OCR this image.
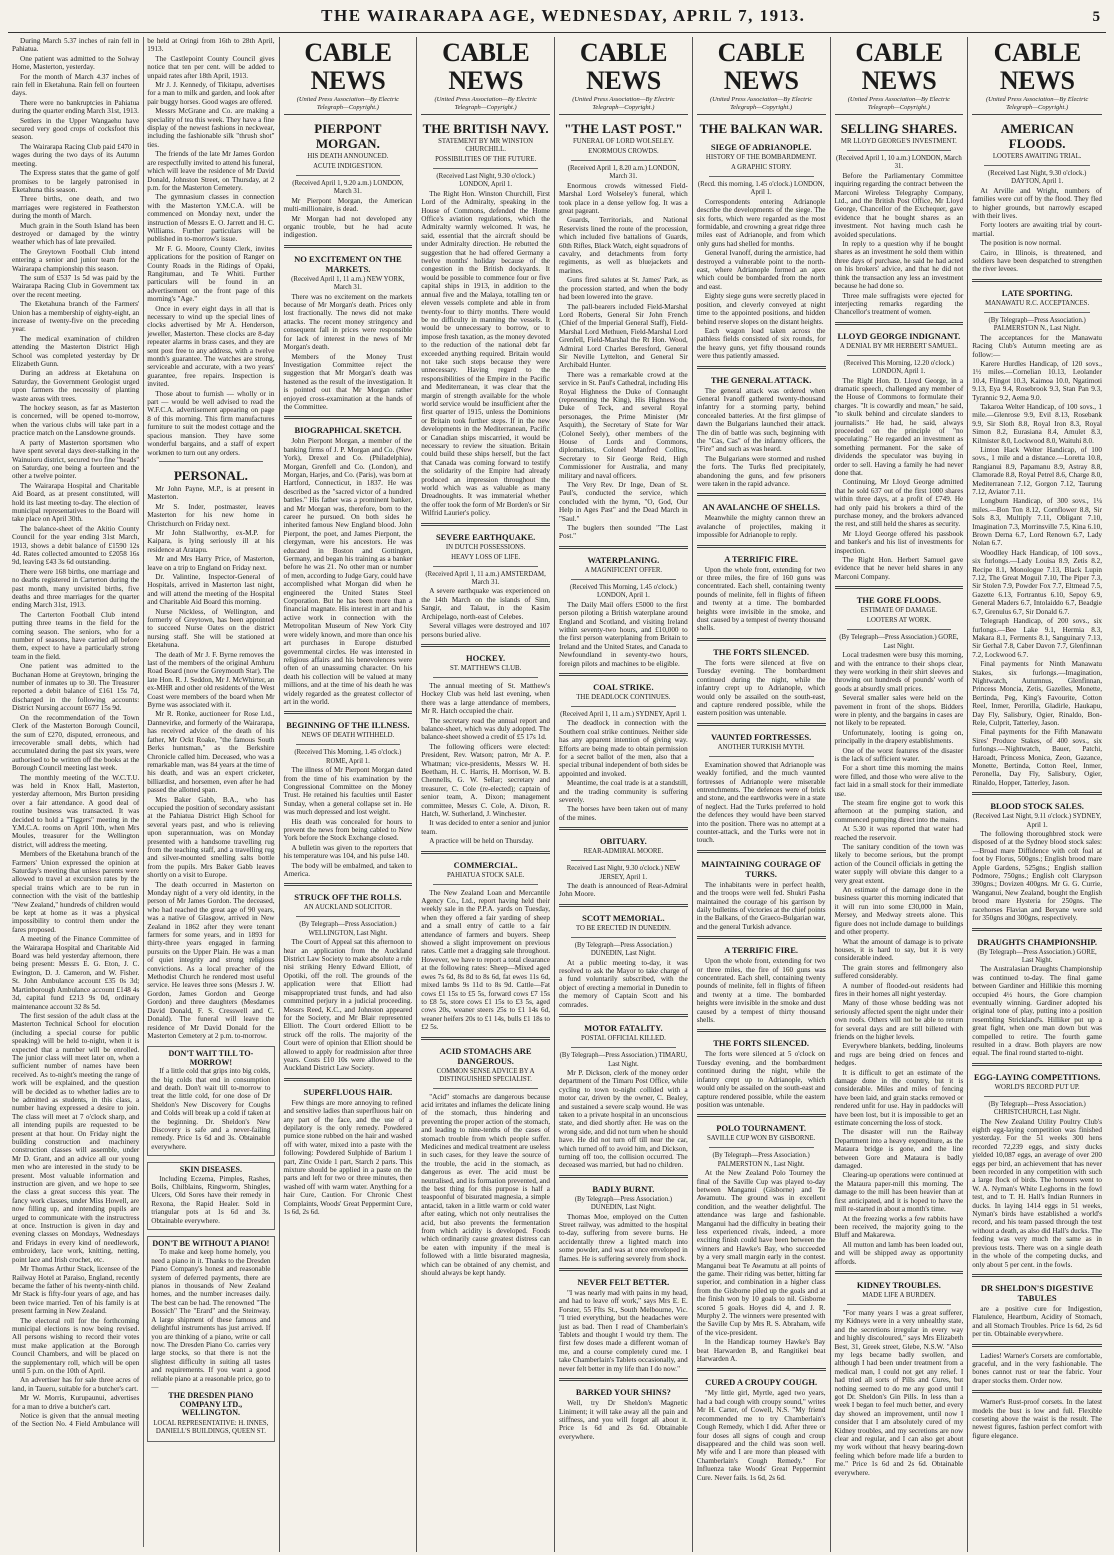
THE WAIRARAPA AGE, WEDNESDAY, APRIL 7, 1913.	5

During March 5.37 inches of rain fell in Pahiatua.

One patient was admitted to the Solway Home, Masterton, yesterday.

For the month of March 4.37 inches of rain fell in Eketahuna. Rain fell on fourteen days.

There were no bankruptcies in Pahiatua during the quarter ending March 31st, 1913.

Settlers in the Upper Wangaehu have secured very good crops of cocksfoot this season.

The Wairarapa Racing Club paid £470 in wages during the two days of its Autumn meeting.

The Express states that the game of golf promises to be largely patronised in Eketahuna this season.

Three births, one death, and two marriages were registered in Featherston during the month of March.

Much grain in the South Island has been destroyed or damaged by the wintry weather which has of late prevailed.

The Greytown Football Club intend entering a senior and junior team for the Wairarapa championship this season.

The sum of £537 1s 5d was paid by the Wairarapa Racing Club in Government tax over the recent meeting.

The Eketahuna branch of the Farmers' Union has a membership of eighty-eight, an increase of twenty-five on the preceding year.

The medical examination of children attending the Masterton District High School was completed yesterday by Dr Elizabeth Gunn.

During an address at Eketahuna on Saturday, the Government Geologist urged upon farmers the necessity of planting waste areas with trees.

The hockey season, as far as Masterton is concerned, will be opened to-morrow, when the various clubs will take part in a practice match on the Lansdowne grounds.

A party of Masterton sportsmen who have spent several days deer-stalking in the Wainuioru district, secured two fine "heads" on Saturday, one being a fourteen and the other a twelve pointer.

The Wairarapa Hospital and Charitable Aid Board, as at present constituted, will hold its last meeting to-day. The election of municipal representatives to the Board will take place on April 30th.

The balance-sheet of the Akitio County Council for the year ending 31st March, 1913, shows a debit balance of £1590 12s 4d. Rates collected amounted to £2058 16s 9d, leaving £43 3s 6d outstanding.

There were 168 births, one marriage and no deaths registered in Carterton during the past month, many unvisited births, five deaths and three marriages for the quarter ending March 31st, 1913.

The Carterton Football Club intend putting three teams in the field for the coming season. The seniors, who for a number of seasons, have carried all before them, expect to have a particularly strong team in the field.

One patient was admitted to the Buchanan Home at Greytown, bringing the number of inmates up to 30. The Treasurer reported a debit balance of £161 15s 7d, discharged in the following accounts: District Nursing account £677 15s 9d.

On the recommendation of the Town Clerk of the Masterton Borough Council, the sum of £270, disputed, erroneous, and irrecoverable small debts, which had accumulated during the past six years, were authorised to be written off the books at the Borough Council meeting last week.

The monthly meeting of the W.C.T.U. was held in Knox Hall, Masterton, yesterday afternoon, Mrs Burton presiding over a fair attendance. A good deal of routine business was transacted. It was decided to hold a "Tiggers" meeting in the Y.M.C.A. rooms on April 10th, when Mrs Moules, treasurer for the Wellington district, will address the meeting.

Members of the Eketahuna branch of the Farmers' Union expressed the opinion at Saturday's meeting that unless parents were allowed to travel at excursion rates by the special trains which are to be run in connection with the visit of the battleship "New Zealand," hundreds of children would be kept at home as it was a physical impossibility to control them under the fares proposed.

A meeting of the Finance Committee of the Wairarapa Hospital and Charitable Aid Board was held yesterday afternoon, there being present: Messrs E. G. Eton, J. C. Ewington, D. J. Cameron, and W. Fisher. St. John Ambulance account £35 0s 3d; Martinborough Ambulance account £148 4s 3d, capital fund £213 9s 0d, ordinary maintenance account 32 8s 5d.

The first session of the adult class at the Masterton Technical School for elocution (including a special course for public speaking) will be held to-night, when it is expected that a number will be enrolled. The junior class will meet later on, when a sufficient number of names have been received. As to-night's meeting the range of work will be explained, and the question will be decided as to whether ladies are to be admitted as students, in this class, a number having expressed a desire to join. The class will meet at 7 o'clock sharp, and all intending pupils are requested to be present at that hour. On Friday night the building construction and machinery construction classes will assemble, under Mr D. Grant, and an advice all our young men who are interested in the study to be present. Most valuable information and instruction are given, and we hope to see the class a great success this year. The fancy work classes, under Miss Howell, are now filling up, and intending pupils are urged to communicate with the instructress at once. Instruction is given in day and evening classes on Mondays, Wednesdays and Fridays in every kind of needlework, embroidery, lace work, knitting, netting, point lace and Irish crochet, etc.

Mr Thomas Arthur Stack, licensee of the Railway Hotel at Paraiso, England, recently became the father of his twenty-ninth child. Mr Stack is fifty-four years of age, and has been twice married. Ten of his family is at present farming in New Zealand.

The electoral roll for the forthcoming municipal elections is now being revised. All persons wishing to record their votes must make application at the Borough Council Chambers, and will be placed on the supplementary roll, which will be open until 5 p.m. on the 10th of April.

An advertiser has for sale three acres of land, in Taueru, suitable for a butcher's cart.

Mr W. Morris, Kurupaunui, advertises for a man to drive a butcher's cart.

Notice is given that the annual meeting of the Section No. 4 Field Ambulance will be held at Oringi from 16th to 28th April, 1913.

The Castlepoint County Council gives notice that ten per cent. will be added to unpaid rates after 18th April, 1913.

Mr J. J. Kennedy, of Tikitapu, advertises for a man to milk and garden, and look after pair buggy horses. Good wages are offered.

Messrs McGrane and Co. are making a speciality of tea this week. They have a fine display of the newest fashions in neckwear, including the fashionable silk "thrush shot" ties.

The friends of the late Mr James Gordon are respectfully invited to attend his funeral, which will leave the residence of Mr David Donald, Johnston Street, on Thursday, at 2 p.m. for the Masterton Cemetery.

The gymnasium classes in connection with the Masterton Y.M.C.A. will be commenced on Monday next, under the instruction of Messrs E. O. Jarrett and H. C. Williams. Further particulars will be published in to-morrow's issue.

Mr F. G. Moore, County Clerk, invites applications for the position of Ranger on County Roads in the Ridings of Opaki, Rangitumau, and Te Whiti. Further particulars will be found in an advertisement on the front page of this morning's "Age."

Once in every eight days in all that is necessary to wind up the special lines of clocks advertised by Mr A. Henderson, jeweller, Masterton. These clocks are 8-day repeater alarms in brass cases, and they are sent post free to any address, with a twelve month's guarantee. The watches are strong, serviceable and accurate, with a two years' guarantee, free repairs. Inspection is invited.

Those about to furnish — wholly or in part — would be well advised to read the W.F.C.A. advertisement appearing on page 8 of this morning. This firm manufactures furniture to suit the modest cottage and the spacious mansion. They have some wonderful bargains, and a staff of expert workmen to turn out any orders.

PERSONAL.

Mr John Payne, M.P., is at present in Masterton.

Mr S. Inder, postmaster, leaves Masterton for his new home in Christchurch on Friday next.

Mr John Stallworthy, ex-M.P. for Kaipara, is lying seriously ill at his residence at Aratapu.

Mr and Mrs Harry Price, of Masterton, leave on a trip to England on Friday next.

Dr. Valintine, Inspector-General of Hospitals, arrived in Masterton last night, and will attend the meeting of the Hospital and Charitable Aid Board this morning.

Nurse Nickless, of Wellington, and formerly of Greytown, has been appointed to succeed Nurse Oates on the district nursing staff. She will be stationed at Eketahuna.

The death of Mr J. F. Byrne removes the last of the members of the original Amhuru Road Board (now the Greymouth Star). The late Hon. R. J. Seddon, Mr J. McWhirter, an ex-MHR and other old residents of the West Coast were members of the board when Mr Byrne was associated with it.

Mr R. Ronke, auctioneer for Rose Ltd., Dannevirke, and formerly of the Wairarapa, has received advice of the death of his father, Mr Ockt Roake, "the famous South Berks huntsman," as the Berkshire Chronicle called him. Deceased, who was a remarkable man, was 84 years at the time of his death, and was an expert cricketer, billiardist, and horsemen, even after he had passed the allotted span.

Mrs Baker Gabb, B.A., who has occupied the position of secondary assistant at the Pahiatua District High School for several years past, and who is relieving upon superannuation, was on Monday presented with a handsome travelling rug from the teaching staff, and a travelling rug and silver-mounted smelling salts bottle from the pupils. Mrs Baker Gabb leaves shortly on a visit to Europe.

The death occurred in Masterton on Monday night of a very old identity, in the person of Mr James Gordon. The deceased, who had reached the great age of 90 years, was a native of Glasgow, arrived in New Zealand in 1862 after they were tenant farmers for some years, and in 1893 for thirty-three years engaged in farming pursuits on the Upper Plain. He was a man of quiet integrity and strong religious convictions. As a local preacher of the Methodist Church he rendered most useful service. He leaves three sons (Messrs J. W. Gordon, James Gordon and George Gordon) and three daughters (Mesdames David Donald, F. S. Cresswell and C. Donald). The funeral will leave the residence of Mr David Donald for the Masterton Cemetery at 2 p.m. to-morrow.

DON'T WAIT TILL TO-MORROW!

If a little cold that grips into big colds, the big colds that end in consumption and death. Don't wait till to-morrow to treat the little cold, for one dose of Dr Sheldon's New Discovery for Coughs and Colds will break up a cold if taken at the beginning. Dr. Sheldon's New Discovery is safe and a never-failing remedy. Price 1s 6d and 3s. Obtainable everywhere.

SKIN DISEASES.

Including Eczema, Pimples, Rashes, Boils, Chilblains, Ringworm, Shingles, Ulcers, Old Sores have their remedy in Rexona, the Rapid Healer. Sold in triangular pots at 1s 6d and 3s. Obtainable everywhere.

DON'T BE WITHOUT A PIANO!

To make and keep home homely, you need a piano in it. Thanks to the Dresden Piano Company's honest and reasonable system of deferred payments, there are pianos in thousands of New Zealand homes, and the number increases daily. The best can be had. The renowned "The Bossich" The "Erard" and the Steinway. A large shipment of these famous and delightful instruments has just arrived. If you are thinking of a piano, write or call now. The Dresden Piano Co. carries very large stocks, so that there is not the slightest difficulty in suiting all tastes and requirements. If you want a good reliable piano at a reasonable price, go to —

THE DRESDEN PIANO COMPANY LTD., WELLINGTON.
LOCAL REPRESENTATIVE: H. INNES, DANIELL'S BUILDINGS, QUEEN ST.
CABLE NEWS
(United Press Association—By Electric Telegraph—Copyright.)
PIERPONT MORGAN.
HIS DEATH ANNOUNCED.
ACUTE INDIGESTION.
(Received April 1, 9.20 a.m.) LONDON, March 31.

Mr Pierpont Morgan, the American multi-millionaire, is dead.

Mr Morgan had not developed any organic trouble, but he had acute indigestion.

NO EXCITEMENT ON THE MARKETS.
(Received April 1, 11 a.m.) NEW YORK, March 31.

There was no excitement on the markets because of Mr Morgan's death. Prices only lost fractionally. The news did not make attacks. The recent money stringency and consequent fall in prices were responsible for lack of interest in the news of Mr Morgan's death.

Members of the Money Trust Investigation Committee reject the suggestion that Mr Morgan's death was hastened as the result of the investigation. It is pointed out that Mr Morgan rather enjoyed cross-examination at the hands of the Committee.

BIOGRAPHICAL SKETCH.

John Pierpont Morgan, a member of the banking firms of J. P. Morgan and Co. (New York), Drexel and Co. (Philadelphia), Morgan, Grenfell and Co. (London), and Morgan, Harjes, and Co. (Paris), was born at Hartford, Connecticut, in 1837. He was described as the "sacred victor of a hundred battles." His father was a prominent banker, and Mr Morgan was, therefore, born to the career he pursued. On both sides he inherited famous New England blood. John Pierpont, the poet, and James Pierpont, the clergyman, were his ancestors. He was educated in Boston and Gottingen, Germany, and began his training as a banker before he was 21. No other man or number of men, according to Judge Gary, could have accomplished what Morgan did when he engineered the United States Steel Corporation. But he has been more than a financial magnate. His interest in art and his active work in connection with the Metropolitan Museum of New York City were widely known, and more than once his art purchases in Europe disturbed governmental circles. He was interested in religious affairs and his benevolences were often of an unassuming character. On his death his collection will be valued at many millions, and at the time of his death he was widely regarded as the greatest collector of art in the world.

BEGINNING OF THE ILLNESS.
NEWS OF DEATH WITHHELD.
(Received This Morning, 1.45 o'clock.) ROME, April 1.

The illness of Mr Pierpont Morgan dated from the time of his examination by the Congressional Committee on the Money Trust. He retained his faculties until Easter Sunday, when a general collapse set in. He was much depressed and lost weight.

His death was concealed for hours to prevent the news from being cabled to New York before the Stock Exchange closed.

A bulletin was given to the reporters that his temperature was 104, and his pulse 140.

The body will be embalmed, and taken to America.

STRUCK OFF THE ROLLS.
AN AUCKLAND SOLICITOR.
(By Telegraph—Press Association.) WELLINGTON, Last Night.

The Court of Appeal sat this afternoon to hear an application from the Auckland District Law Society to make absolute a rule nisi striking Henry Edward Elliott, of Opotiki, off the roll. The grounds of the application were that Elliott had misappropriated trust funds, and had also committed perjury in a judicial proceeding. Messrs Reed, K.C., and Johnston appeared for the Society, and Mr Blair represented Elliott. The Court ordered Elliott to be struck off the rolls. The majority of the Court were of opinion that Elliott should be allowed to apply for readmission after three years. Costs £10 10s were allowed to the Auckland District Law Society.

SUPERFLUOUS HAIR.

Few things are more annoying to refined and sensitive ladies than superfluous hair on any part of the face, and the use of a depilatory is the only remedy. Powdered pumice stone rubbed on the hair and washed off with water, mixed into a paste with the following: Powdered Sulphide of Barium 1 part, Zinc Oxide 1 part, Starch 2 parts. This mixture should be applied in a paste on the parts and left for two or three minutes, then washed off with warm water. Anything for a hair Cure, Caution. For Chronic Chest Complaints, Woods' Great Peppermint Cure, 1s 6d, 2s 6d.

CABLE NEWS
(United Press Association—By Electric Telegraph—Copyright.)
THE BRITISH NAVY.
STATEMENT BY MR WINSTON CHURCHILL.
POSSIBILITIES OF THE FUTURE.
(Received Last Night, 9.30 o'clock.) LONDON, April 1.

The Right Hon. Winston Churchill, First Lord of the Admiralty, speaking in the House of Commons, defended the Home Office's aviation regulations, which the Admiralty warmly welcomed. It was, he said, essential that the aircraft should be under Admiralty direction. He rebutted the suggestion that he had offered Germany a twelve months' holiday because of the congestion in the British dockyards. It would be possible to commence four or five capital ships in 1913, in addition to the annual five and the Malaya, totalling ten or eleven vessels complete and able in from twenty-four to thirty months. There would be no difficulty in manning the vessels. It would be unnecessary to borrow, or to impose fresh taxation, as the money devoted to the reduction of the national debt far exceeded anything required. Britain would not take such steps because they were unnecessary. Having regard to the responsibilities of the Empire in the Pacific and Mediterranean, it was clear that the margin of strength available for the whole world service would be insufficient after the first quarter of 1915, unless the Dominions or Britain took further steps. If in the new developments in the Mediterranean, Pacific or Canadian ships miscarried, it would be necessary to review the situation. Britain could build these ships herself, but the fact that Canada was coming forward to testify the solidarity of the Empire had already produced an impression throughout the world which was as valuable as many Dreadnoughts. It was immaterial whether the offer took the form of Mr Borden's or Sir Wilfrid Laurier's policy.

SEVERE EARTHQUAKE.
IN DUTCH POSSESSIONS.
HEAVY LOSS OF LIFE.
(Received April 1, 11 a.m.) AMSTERDAM, March 31.

A severe earthquake was experienced on the 14th March on the islands of Sinn, Sangir, and Talaut, in the Kasim Archipelago, north-east of Celebes.

Several villages were destroyed and 107 persons buried alive.

HOCKEY.
ST. MATTHEW'S CLUB.

The annual meeting of St. Matthew's Hockey Club was held last evening, when there was a large attendance of members, Mr R. Hatch occupied the chair.

The secretary read the annual report and balance-sheet, which was duly adopted. The balance-sheet showed a credit of £5 17s 1d.

The following officers were elected: President, Rev. Watson; patron, Mr A. P. Whatman; vice-presidents, Messrs W. H. Beetham, H. C. Harris, H. Morrison, W. B. Chennells, G. W. Sellar; secretary and treasurer, C. Cole (re-elected); captain of senior team, A. Dixon; management committee, Messrs C. Cole, A. Dixon, R. Hatch, W. Sutherland, J. Winchester.

It was decided to enter a senior and junior team.

A practice will be held on Thursday.

COMMERCIAL.
PAHIATUA STOCK SALE.

The New Zealand Loan and Mercantile Agency Co., Ltd., report having held their weekly sale in the P.P.A. yards on Tuesday, when they offered a fair yarding of sheep and a small entry of cattle to a fair attendance of farmers and buyers. Sheep showed a slight improvement on previous rates. Cattle met a dragging sale throughout. However, we have to report a total clearance at the following rates: Sheep—Mixed aged ewes 7s 6d, 8s 8d to 8s 6d, fat ewes 11s 6d, mixed lambs 9s 11d to 8s 9d. Cattle—Fat cows £1 15s to £5 5s, forward cows £7 15s to £8 5s, store cows £1 15s to £3 5s, aged cows 20s, weaner steers 25s to £1 14s 6d, weaner heifers 20s to £1 14s, bulls £1 18s to £2 5s.

ACID STOMACHS ARE DANGEROUS.
COMMON SENSE ADVICE BY A DISTINGUISHED SPECIALIST.

"Acid" stomachs are dangerous because acid irritates and inflames the delicate lining of the stomach, thus hindering and preventing the proper action of the stomach, and leading to nine-tenths of the cases of stomach trouble from which people suffer. Medicines and medical treatment are useless in such cases, for they leave the source of the trouble, the acid in the stomach, as dangerous as ever. The acid must be neutralised, and its formation prevented, and the best thing for this purpose is half a teaspoonful of bisurated magnesia, a simple antacid, taken in a little warm or cold water after eating, which not only neutralises the acid, but also prevents the fermentation from which acidity is developed. Foods which ordinarily cause greatest distress can be eaten with impunity if the meal is followed with a little bisurated magnesia, which can be obtained of any chemist, and should always be kept handy.

CABLE NEWS
(United Press Association—By Electric Telegraph—Copyright.)
"THE LAST POST."
FUNERAL OF LORD WOLSELEY.
ENORMOUS CROWDS.
(Received April 1, 8.20 a.m.) LONDON, March 31.

Enormous crowds witnessed Field-Marshal Lord Wolseley's funeral, which took place in a dense yellow fog. It was a great pageant.

Guards, Territorials, and National Reservists lined the route of the procession, which included five battalions of Guards, 60th Rifles, Black Watch, eight squadrons of cavalry, and detachments from forty regiments, as well as bluejackets and marines.

Guns fired salutes at St. James' Park, as the procession started, and when the body had been lowered into the grave.

The pall-bearers included Field-Marshal Lord Roberts, General Sir John French (Chief of the Imperial General Staff), Field-Marshal Lord Methuen, Field-Marshal Lord Grenfell, Field-Marshal the Rt Hon. Wood, Admiral Lord Charles Beresford, General Sir Neville Lyttelton, and General Sir Archibald Hunter.

There was a remarkable crowd at the service in St. Paul's Cathedral, including His Royal Highness the Duke of Connaught (representing the King), His Highness the Duke of Teck, and several Royal personages, the Prime Minister (Mr Asquith), the Secretary of State for War (Colonel Seely), other members of the House of Lords and Commons, diplomatists, Colonel Manfred Collins, Secretary to Sir George Reid, High Commissioner for Australia, and many military and naval officers.

The Very Rev. Dr Inge, Dean of St. Paul's, conducted the service, which concluded with the hymn, "O, God, Our Help in Ages Past" and the Dead March in "Saul."

The buglers then sounded "The Last Post."

WATERPLANING.
A MAGNIFICENT OFFER.
(Received This Morning, 1.45 o'clock.) LONDON, April 1.

The Daily Mail offers £5000 to the first person piloting a British waterplane around England and Scotland, and visiting Ireland within seventy-two hours, and £10,000 to the first person waterplaning from Britain to Ireland and the United States, and Canada to Newfoundland in seventy-two hours, foreign pilots and machines to be eligible.

COAL STRIKE.
THE DEADLOCK CONTINUES.
(Received April 1, 11 a.m.) SYDNEY, April 1.

The deadlock in connection with the Southern coal strike continues. Neither side has any apparent intention of giving way. Efforts are being made to obtain permission for a secret ballot of the men, also that a special tribunal independent of both sides be appointed and invoked.

Meantime, the coal trade is at a standstill, and the trading community is suffering severely.

The horses have been taken out of many of the mines.

OBITUARY.
REAR-ADMIRAL MOORE.
Received Last Night, 9.30 o'clock.) NEW JERSEY, April 1.

The death is announced of Rear-Admiral John Moore.

SCOTT MEMORIAL.
TO BE ERECTED IN DUNEDIN.
(By Telegraph—Press Association.) DUNEDIN, Last Night.

At a public meeting to-day, it was resolved to ask the Mayor to take charge of a fund voluntarily subscribed, with the object of erecting a memorial in Dunedin to the memory of Captain Scott and his comrades.

MOTOR FATALITY.
POSTAL OFFICIAL KILLED.
(By Telegraph—Press Association.) TIMARU, Last Night.

Mr P. Dickson, clerk of the money order department of the Timaru Post Office, while cycling to town to-night collided with a motor car, driven by the owner, C. Bealey, and sustained a severe scalp wound. He was taken to a private hospital in an unconscious state, and died shortly after. He was on the wrong side, and did not turn when he should have. He did not turn off till near the car, which turned off to avoid him, and Dickson, turning off too, the collision occurred. The deceased was married, but had no children.

BADLY BURNT.
(By Telegraph—Press Association.) DUNEDIN, Last Night.

Thomas Moe, employed on the Cutten Street railway, was admitted to the hospital to-day, suffering from severe burns. He accidentally threw a lighted match into some powder, and was at once enveloped in flames. He is suffering severely from shock.

NEVER FELT BETTER.

"I was nearly mad with pains in my head, and had to leave off work," says Mrs E. E. Forster, 55 Ffts St., South Melbourne, Vic. "I tried everything, but the headaches were just as bad. Then I read of Chamberlain's Tablets and thought I would try them. The first few doses made a different woman of me, and a course completely cured me. I take Chamberlain's Tablets occasionally, and never felt better in my life than I do now."

BARKED YOUR SHINS?

Well, try Dr Sheldon's Magnetic Liniment; it will take away all the pain and stiffness, and you will forget all about it. Price 1s 6d and 2s 6d. Obtainable everywhere.

CABLE NEWS
(United Press Association—By Electric Telegraph—Copyright.)
THE BALKAN WAR.
SIEGE OF ADRIANOPLE.
HISTORY OF THE BOMBARDMENT.
A GRAPHIC STORY.
(Recd. this morning, 1.45 o'clock.) LONDON, April 1.

Correspondents entering Adrianople describe the developments of the siege. The six forts, which were regarded as the most formidable, and crowning a great ridge three miles east of Adrianople, and from which only guns had shelled for months.

General Ivanoff, during the armistice, had destroyed a vulnerable point to the north-east, where Adrianople formed an apex which could be bombarded from the north and east.

Eighty siege guns were secretly placed in position, and cleverly conveyed at night time to the appointed positions, and hidden behind reserve slopes on the distant heights.

Each wagon load taken across the pathless fields consisted of six rounds, for the heavy guns, yet fifty thousand rounds were thus patiently amassed.

THE GENERAL ATTACK.

The general attack was ordered when General Ivanoff gathered twenty-thousand infantry for a storming party, behind concealed batteries. At the first glimpse of dawn the Bulgarians launched their attack. The din of battle was such, beginning with the "Cas, Cas" of the infantry officers, the "Fire" and such as was heard.

The Bulgarians were stormed and rushed the forts. The Turks fled precipitately, abandoning the guns, and few prisoners were taken in the rapid advance.

AN AVALANCHE OF SHELLS.

Meanwhile the mighty cannon threw an avalanche of projectiles, making it impossible for Adrianople to reply.

A TERRIFIC FIRE.

Upon the whole front, extending for two or three miles, the fire of 160 guns was concentrated. Each shell, containing twenty pounds of melinite, fell in flights of fifteen and twenty at a time. The bombarded heights were invisible in the smoke, and dust caused by a tempest of twenty thousand shells.

THE FORTS SILENCED.

The forts were silenced at five on Tuesday evening. The bombardment continued during the night, while the infantry crept up to Adrianople, which would only be assailed on the south-east, and capture rendered possible, while the eastern position was untenable.

VAUNTED FORTRESSES.
ANOTHER TURKISH MYTH.

Examination showed that Adrianople was weakly fortified, and the much vaunted fortresses of Adrianople were miserable entrenchments. The defences were of brick and stone, and the earthworks were in a state of neglect. Had the Turks preferred to hold the defences they would have been starved into the position. There was no attempt at a counter-attack, and the Turks were not in touch.

MAINTAINING COURAGE OF TURKS.

The inhabitants were in perfect health, and the troops were well fed. Shukri Pasha maintained the courage of his garrison by daily bulletins of victories at the chief points in the Balkans, of the Graeco-Bulgarian war, and the general Turkish advance.

A TERRIFIC FIRE.

Upon the whole front, extending for two or three miles, the fire of 160 guns was concentrated. Each shell, containing twenty pounds of melinite, fell in flights of fifteen and twenty at a time. The bombarded heights were invisible in the smoke and dust caused by a tempest of thirty thousand shells.

THE FORTS SILENCED.

The forts were silenced at 5 o'clock on Tuesday evening, and the bombardment continued during the night, while the infantry crept up to Adrianople, which would only be assailed on the south-east and capture rendered possible, while the eastern position was untenable.

POLO TOURNAMENT.
SAVILLE CUP WON BY GISBORNE.
(By Telegraph—Press Association.) PALMERSTON N., Last Night.

At the New Zealand Polo Tourney the final of the Saville Cup was played to-day between Manganui (Gisborne) and Te Awamutu. The ground was in excellent condition, and the weather delightful. The attendance was large and fashionable. Manganui had the difficulty in beating their less experienced rivals, indeed, a more exciting finish could have been between the winners and Hawke's Bay, who succeeded by a very small margin early in the contest. Manganui beat Te Awamutu at all points of the game. Their riding was better, hitting far superior, and combination in a higher class from the Gisborne piled up the goals and at the finish won by 10 goals to nil. Gisborne scored 5 goals. Hoyes did 4, and J. R. Murphy 2. The winners were presented with the Saville Cup by Mrs R. S. Abraham, wife of the vice-president.

In the Handicap tourney Hawke's Bay beat Harwarden B, and Rangitikei beat Harwarden A.

CURED A CROUPY COUGH.

"My little girl, Myrtle, aged two years, had a bad cough with croupy sound," writes Mr H. Carter, of Cowell, N.S. "My friend recommended me to try Chamberlain's Cough Remedy, which I did. After three or four doses all signs of cough and croup disappeared and the child was soon well. My wife and I are more than pleased with Chamberlain's Cough Remedy." For Influenza take Woods' Great Peppermint Cure. Never fails. 1s 6d, 2s 6d.

CABLE NEWS
(United Press Association—By Electric Telegraph—Copyright.)
SELLING SHARES.
MR LLOYD GEORGE'S INVESTMENT.
(Received April 1, 10 a.m.) LONDON, March 31.

Before the Parliamentary Committee inquiring regarding the contract between the Marconi Wireless Telegraphy Company, Ltd., and the British Post Office, Mr Lloyd George, Chancellor of the Exchequer, gave evidence that he bought shares as an investment. Not having much cash he avoided speculations.

In reply to a question why if he bought shares as an investment he sold them within three days of purchase, he said he had acted on his brokers' advice, and that he did not think the transaction any less an investment because he had done so.

Three male suffragists were ejected for interjecting remarks regarding the Chancellor's treatment of women.

LLOYD GEORGE INDIGNANT.
A DENIAL BY MR HERBERT SAMUEL.
(Received This Morning, 12.20 o'clock.) LONDON, April 1.

The Right Hon. D. Lloyd George, in a dramatic speech, challenged any member of the House of Commons to formulate their charges. "It is cowardly and mean," he said, "to skulk behind and circulate slanders to journalists." He had, he said, always proceeded on the principle of "no speculating." He regarded an investment as something permanent. For the sake of dividends the speculator was buying in order to sell. Having a family he had never done that.

Continuing, Mr Lloyd George admitted that he sold 637 out of the first 1000 shares within three days, at a profit of £749. He had only paid his brokers a third of the purchase money, and the brokers advanced the rest, and still held the shares as security.

Mr Lloyd George offered his passbook and banker's and his list of investments for inspection.

The Right Hon. Herbert Samuel gave evidence that he never held shares in any Marconi Company.

THE GORE FLOODS.
ESTIMATE OF DAMAGE.
LOOTERS AT WORK.
(By Telegraph—Press Association.) GORE, Last Night.

Local tradesmen were busy this morning, and with the entrance to their shops clear, they were working in their shirt sleeves and throwing out hundreds of pounds' worth of goods at absurdly small prices.

Several smaller sales were held on the pavement in front of the shops. Bidders were in plenty, and the bargains in cases are not likely to be repeated.

Unfortunately, looting is going on, principally in the drapery establishments.

One of the worst features of the disaster is the lack of sufficient water.

For a short time this morning the mains were filled, and those who were alive to the fact laid in a small stock for their immediate use.

The steam fire engine got to work this afternoon at the pumping station, and commenced pumping direct into the mains.

At 5.30 it was reported that water had reached the reservoir.

The sanitary condition of the town was likely to become serious, but the prompt action of the Council officials in getting the water supply will obviate this danger to a very great extent.

An estimate of the damage done in the business quarter this morning indicated that it will run into some £30,000 in Main, Mersey, and Medway streets alone. This figure does not include damage to buildings and other property.

What the amount of damage is to private houses, it is hard to say, but it is very considerable indeed.

The grain stores and fellmongery also suffered considerably.

A number of flooded-out residents had fires in their homes all night yesterday.

Many of those whose bedding was not seriously affected spent the night under their own roofs. Others will not be able to return for several days and are still billeted with friends on the higher levels.

Everywhere blankets, bedding, linoleums and rugs are being dried on fences and hedges.

It is difficult to get an estimate of the damage done in the country, but it is considerable. Miles and miles of fencing have been laid, and grain stacks removed or rendered unfit for use. Hay in paddocks will have been lost, but it is impossible to get an estimate concerning the loss of stock.

The disaster will run the Railway Department into a heavy expenditure, as the Mataura bridge is gone, and the line between Gore and Mataura is badly damaged.

Clearing-up operations were continued at the Mataura paper-mill this morning. The damage to the mill has been heavier than at first anticipated, and it is hoped to have the mill re-started in about a month's time.

At the freezing works a few rabbits have been received, the majority going to the Bluff and Makarewa.

All mutton and lamb has been loaded out, and will be shipped away as opportunity affords.

KIDNEY TROUBLES.
MADE LIFE A BURDEN.

"For many years I was a great sufferer, my Kidneys were in a very unhealthy state, and the secretions irregular in every way and highly discoloured," says Mrs Elizabeth Best, 31, Greek street, Glebe, N.S.W. "Also my legs became badly swollen, and although I had been under treatment from a medical man, I could not get any relief. I had tried all sorts of Pills and Cures, but nothing seemed to do me any good until I got Dr. Sheldon's Gin Pills. In less than a week I began to feel much better, and every day showed an improvement, until now I consider that I am absolutely cured of my Kidney troubles, and my secretions are now clear and regular, and I can also get about my work without that heavy bearing-down feeling which before made life a burden to me." Price 1s 6d and 2s 6d. Obtainable everywhere.

CABLE NEWS
(United Press Association—By Electric Telegraph—Copyright.)
AMERICAN FLOODS.
LOOTERS AWAITING TRIAL.
(Received Last Night, 9.30 o'clock.) DAYTON, April 1.

At Arville and Wright, numbers of families were cut off by the flood. They fled to higher grounds, but narrowly escaped with their lives.

Forty looters are awaiting trial by court-martial.

The position is now normal.

Cairo, in Illinois, is threatened, and soldiers have been despatched to strengthen the river levees.

LATE SPORTING.
MANAWATU R.C. ACCEPTANCES.
(By Telegraph—Press Association.) PALMERSTON N., Last Night.

The acceptances for the Manawatu Racing Club's Autumn meeting are as follow:—

Karere Hurdles Handicap, of 120 sovs., 1½ miles.—Cornelian 10.13, Leolander 10.4, Flingot 10.3, Kaimoa 10.0, Ngatimoti 9.13, Eya 9.4, Rosebrook 9.3, Stan Pan 9.3, Tyrannic 9.2, Aema 9.0.

Takaroa Welter Handicap, of 100 sovs., 1 mile.—Glenrose 9.9, Evil 8.13, Rosebank 9.9, Sir Sloth 8.8, Royal Iron 8.3, Royal Simon 8.2, Eurasiana 8.4, Amulet 8.3, Kilmister 8.0, Lockwood 8.0, Waituhi 8.0.

Linton Hack Welter Handicap, of 100 sovs., 1 mile and a distance.—Loretta 10.8, Rangianui 8.9, Papamanu 8.9, Astray 8.8, Clamorade 8.8, Royal Petrel 8.6, Charge 8.0, Mediterranean 7.12, Gorgon 7.12, Taurung 7.12, Aviator 7.11.

Longburn Handicap, of 300 sovs., 1¼ miles.—Bon Ton 8.12, Cornflower 8.8, Sir Sols 8.3, Multiply 7.11, Obligant 7.10, Imagination 7.3, Morrinsville 7.5, Kina 6.10, Brown Derna 6.7, Lord Renown 6.7, Lady Nolan 6.7.

Woodlley Hack Handicap, of 100 sovs., six furlongs.—Lady Louisa 8.9, Zetis 8.2, Recipe 8.1, Monologue 7.13, Black Lupin 7.12, The Great Moguil 7.10, The Piper 7.3, Sir Stolen 7.9, Powder Fox 7.7, Eltmead 7.5, Gazette 6.13, Fortrantus 6.10, Sepoy 6.9, General Maders 6.7, Intolaiddo 6.7, Beadgie 6.7, Grenulus 6.7, Sir Donald 6.7.

Telegraph Handicap, of 200 sovs., six furlongs.—Bee Lake 9.1, Hermia 8.3, Makara 8.1, Ferments 8.1, Sanguinary 7.13, Sir Gerhal 7.8, Caber Davon 7.7, Glenfinnan 7.2, Lockwood 6.7.

Final payments for Ninth Manawatu Stakes, six furlongs.—Imagination, Nightwatch, Autumnus, Glenfinnan, Princess Moncia, Zetis, Gazelles, Monette, Bertinda, Peg, King's Favourite, Cotton Reel, Inmer, Perorilla, Gladirle, Haukapu, Day Fly, Salisbury, Ogier, Rinaldo, Bon-Rele, Culprit, Tatterley, Jason.

Final payments for the Fifth Manawatu Sires' Produce Stakes, of 400 sovs., six furlongs.—Nightwatch, Bauer, Patchi, Haroadt, Princess Monica, Zeon, Gazance, Monette, Bertinda, Cotton Reel, Inmer, Peronella, Day Fly, Salisbury, Ogier, Rinaldo, Hopper, Tatterley, Jason.

BLOOD STOCK SALES.
(Received Last Night, 9.11 o'clock.) SYDNEY, April 1.

The following thoroughbred stock were disposed of at the Sydney blood stock sales:—Broad mare Diffidence with colt foal at foot by Florus, 500gns.; English brood mare Apple Gardens, 525gns.; English stallion Podmore, 750gns.; English colt Clarypson 390gns.; Dovizen 400gns. Mr G. G. Currie, Wanganui, New Zealand, bought the English brood mare Hysteria for 250gns. The racehorses Flavian and Beryane were sold for 350gns and 300gns, respectively.

DRAUGHTS CHAMPIONSHIP.
(By Telegraph—Press Association.) GORE, Last Night.

The Australasian Draughts Championship was continued to-day. The final game between Gardiner and Hillikie this morning occupied 4½ hours, the Gore champion eventually winning. Gardiner adopted his original tone of play, putting into a position resembling Strickland's. Hilliker put up a great fight, when one man down but was compelled to retire. The fourth game resulted in a draw. Both players are now equal. The final round started to-night.

EGG-LAYING COMPETITIONS.
WORLD'S RECORD PUT UP.
(By Telegraph—Press Association.) CHRISTCHURCH, Last Night.

The New Zealand Utility Poultry Club's eighth egg-laying competition was finished yesterday. For the 51 weeks 300 hens recorded 72,239 eggs, and sixty ducks yielded 10,087 eggs, an average of over 200 eggs per bird, an achievement that has never been recorded in any competition with such a large flock of birds. The honours went to W. A. Nyman's White Leghorns in the fowl test, and to T. H. Hall's Indian Runners in ducks. In laying 1414 eggs in 51 weeks, Nyman's birds have established a world's record, and his team passed through the test without a death, as also did Hall's ducks. The feeding was very much the same as in previous tests. There was on a single death in the whole of the competing ducks, and only about 5 per cent. in the fowls.

DR SHELDON'S DIGESTIVE TABULES

are a positive cure for Indigestion, Flatulence, Heartburn, Acidity of Stomach, and all Stomach Troubles. Price 1s 6d, 2s 6d per tin. Obtainable everywhere.

Ladies! Warner's Corsets are comfortable, graceful, and in the very fashionable. The bones cannot rust or tear the fabric. Your draper stocks them. Order now.

Warner's Rust-proof corsets. In the latest models the bust is low and full. Flexible corseting above the waist is the result. The newest figures, fashion perfect comfort with figure elegance.
